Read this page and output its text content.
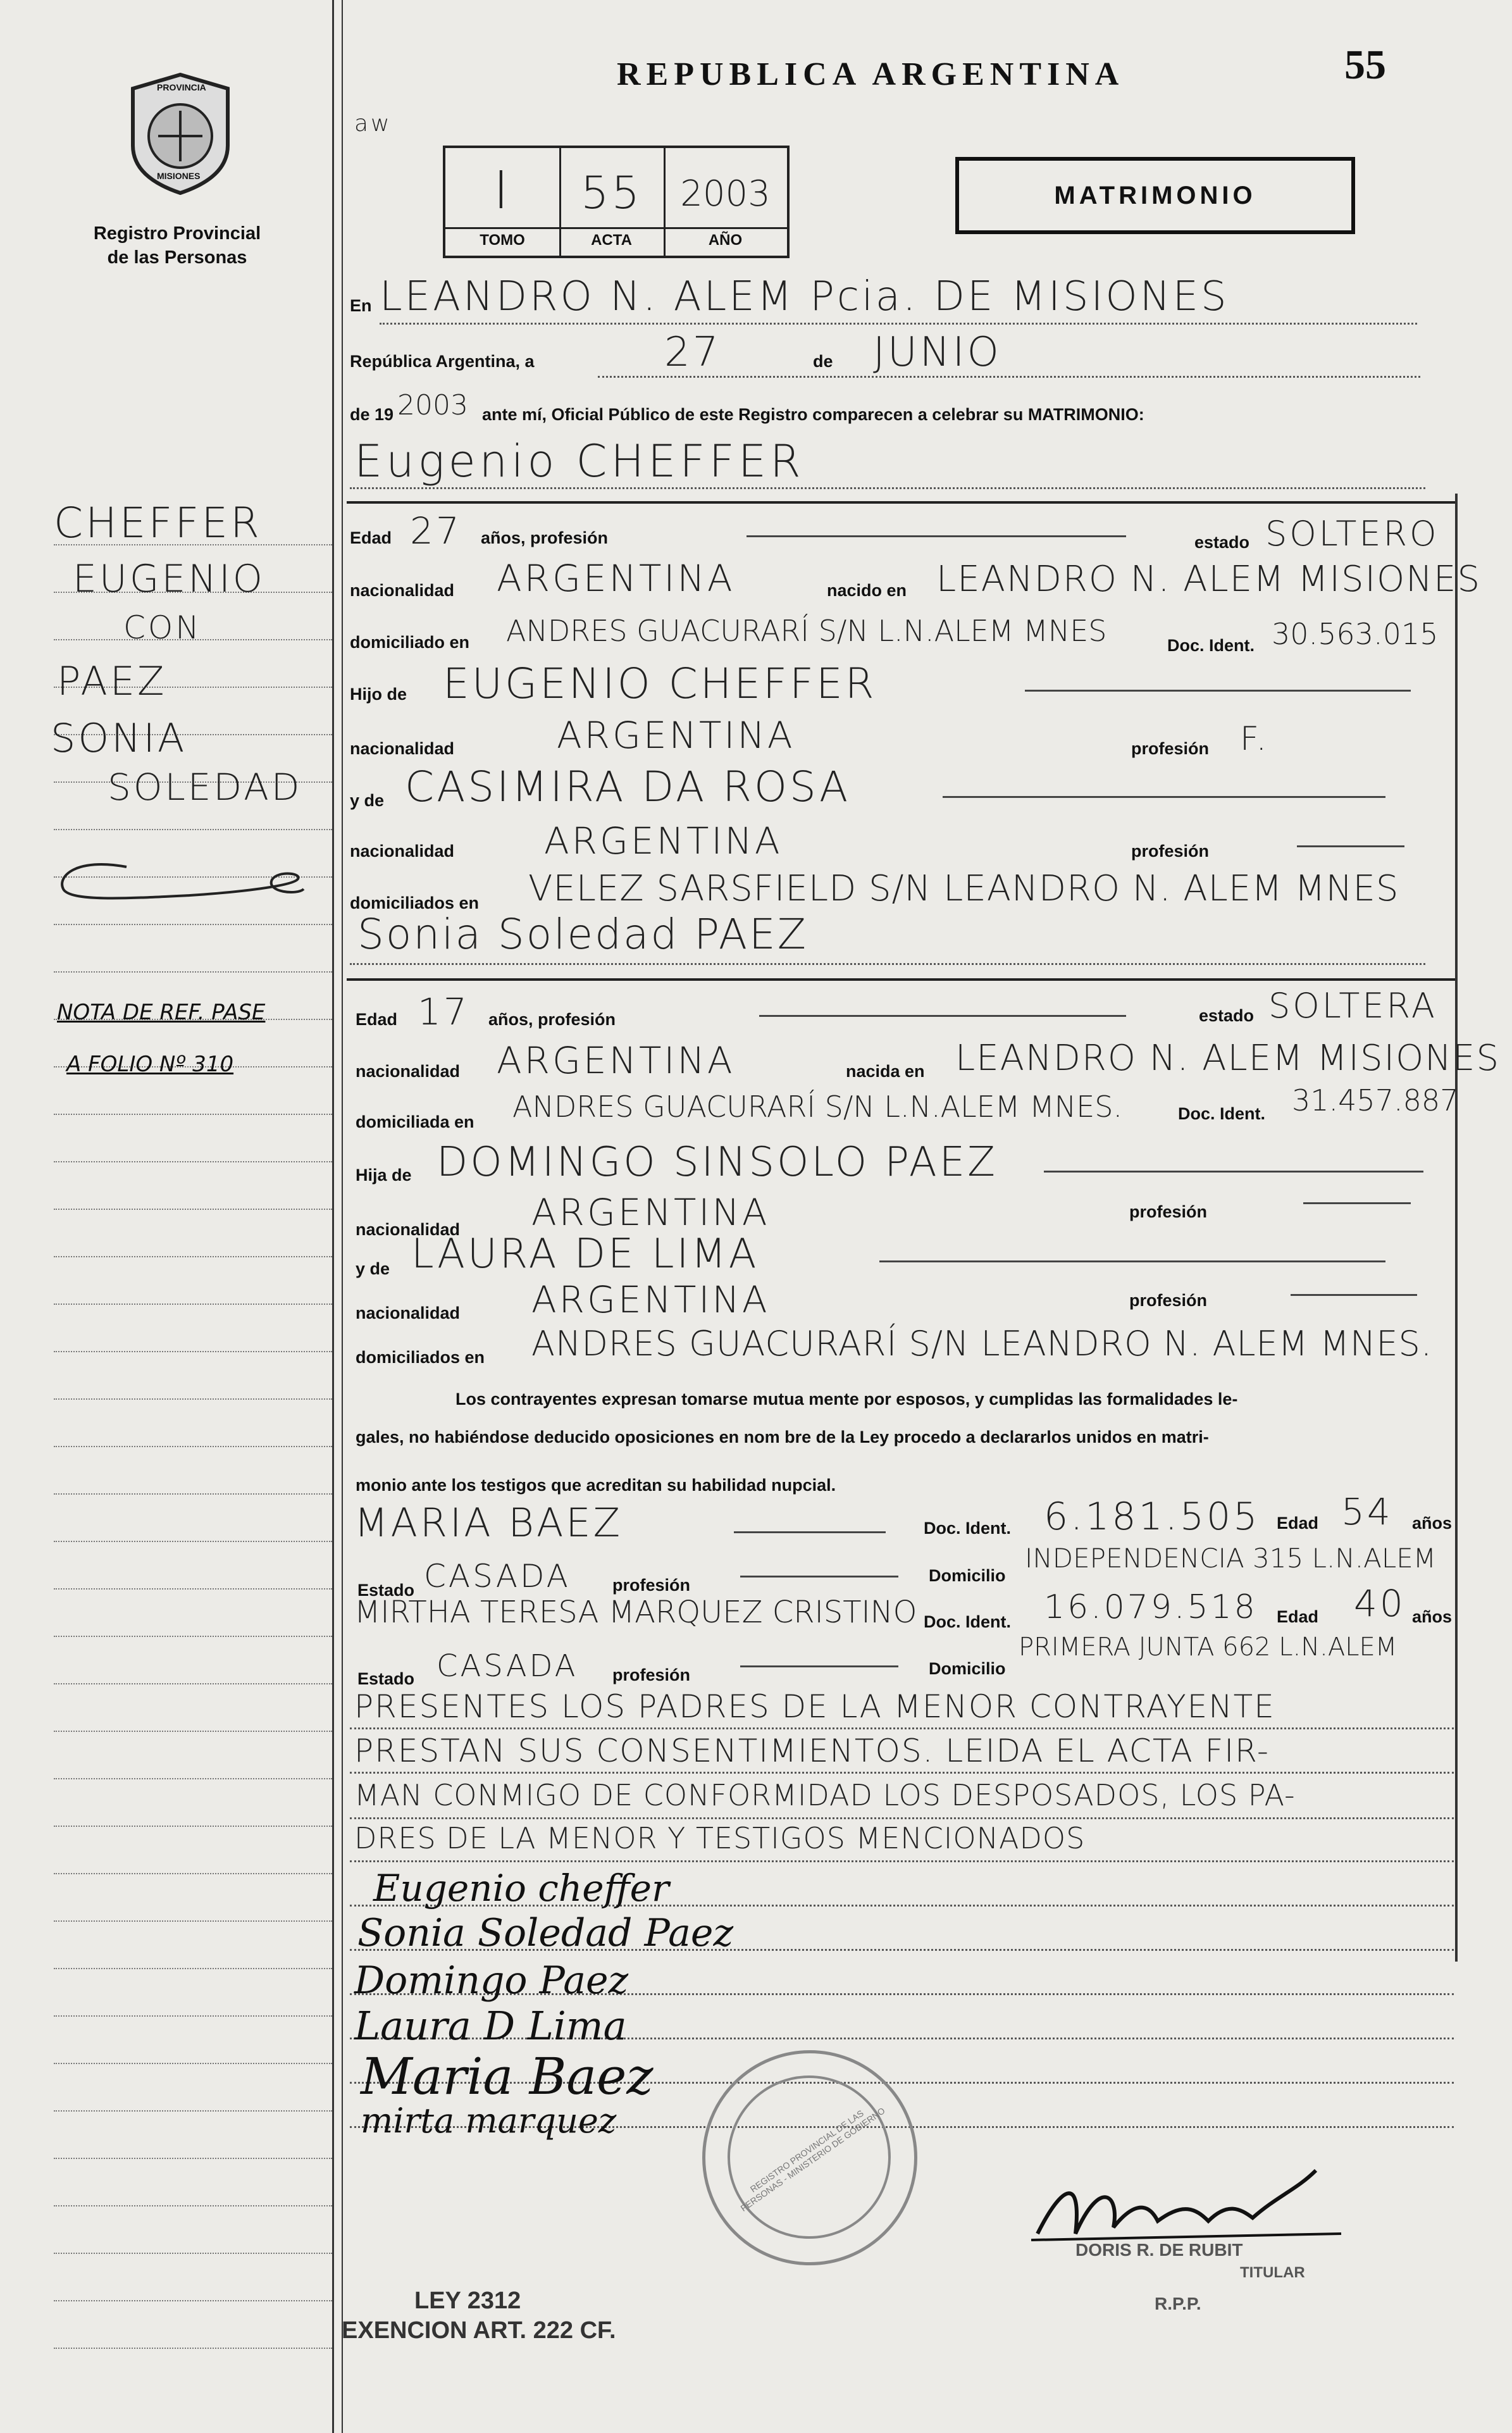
PROVINCIA
MISIONES
Registro Provincial
de las Personas
REPUBLICA ARGENTINA	55
aw
I	55	2003
TOMO	ACTA	AÑO
MATRIMONIO
En LEANDRO N. ALEM Pcia. DE MISIONES
República Argentina, a	27	de JUNIO
de 19 2003 ante mí, Oficial Público de este Registro comparecen a celebrar su MATRIMONIO:
Eugenio CHEFFER
Edad 27 años, profesión	estado SOLTERO
nacionalidad ARGENTINA	nacido en LEANDRO N. ALEM MISIONES
domiciliado en ANDRES GUACURARÍ S/N L.N.ALEM MNES	Doc. Ident. 30.563.015
Hijo de EUGENIO CHEFFER
nacionalidad	ARGENTINA	profesión F.
y de CASIMIRA DA ROSA
nacionalidad ARGENTINA	profesión
domiciliados en VELEZ SARSFIELD S/N LEANDRO N. ALEM MNES
Sonia Soledad PAEZ
Edad 17 años, profesión	estado SOLTERA
nacionalidad ARGENTINA	nacida en LEANDRO N. ALEM MISIONES
domiciliada en ANDRES GUACURARÍ S/N L.N.ALEM MNES.	Doc. Ident. 31.457.887
Hija de DOMINGO SINSOLO PAEZ
nacionalidad ARGENTINA	profesión
y de LAURA DE LIMA
nacionalidad ARGENTINA	profesión
domiciliados en ANDRES GUACURARÍ S/N LEANDRO N. ALEM MNES.
Los contrayentes expresan tomarse mutua mente por esposos, y cumplidas las formalidades le-
gales, no habiéndose deducido oposiciones en nom bre de la Ley procedo a declararlos unidos en matri-
monio ante los testigos que acreditan su habilidad nupcial.
MARIA BAEZ	Doc. Ident. 6.181.505 Edad 54 años
Estado CASADA profesión	Domicilio
INDEPENDENCIA 315 L.N.ALEM
MIRTHA TERESA MARQUEZ CRISTINO Doc. Ident. 16.079.518 Edad 40 años
Estado CASADA profesión	Domicilio
PRIMERA JUNTA 662 L.N.ALEM
PRESENTES LOS PADRES DE LA MENOR CONTRAYENTE
PRESTAN SUS CONSENTIMIENTOS. LEIDA EL ACTA FIR-
MAN CONMIGO DE CONFORMIDAD LOS DESPOSADOS, LOS PA-
DRES DE LA MENOR Y TESTIGOS MENCIONADOS
Eugenio cheffer
Sonia Soledad Paez
Domingo Paez
Laura D Lima
Maria Baez
mirta marquez	REGISTRO PROVINCIAL DE LAS PERSONAS - MINISTERIO DE GOBIERNO
DORIS R. DE RUBIT
TITULAR
R.P.P.
LEY 2312
EXENCION ART. 222 CF.
CHEFFER
EUGENIO
CON
PAEZ
SONIA
SOLEDAD
NOTA DE REF. PASE
A FOLIO Nº 310
